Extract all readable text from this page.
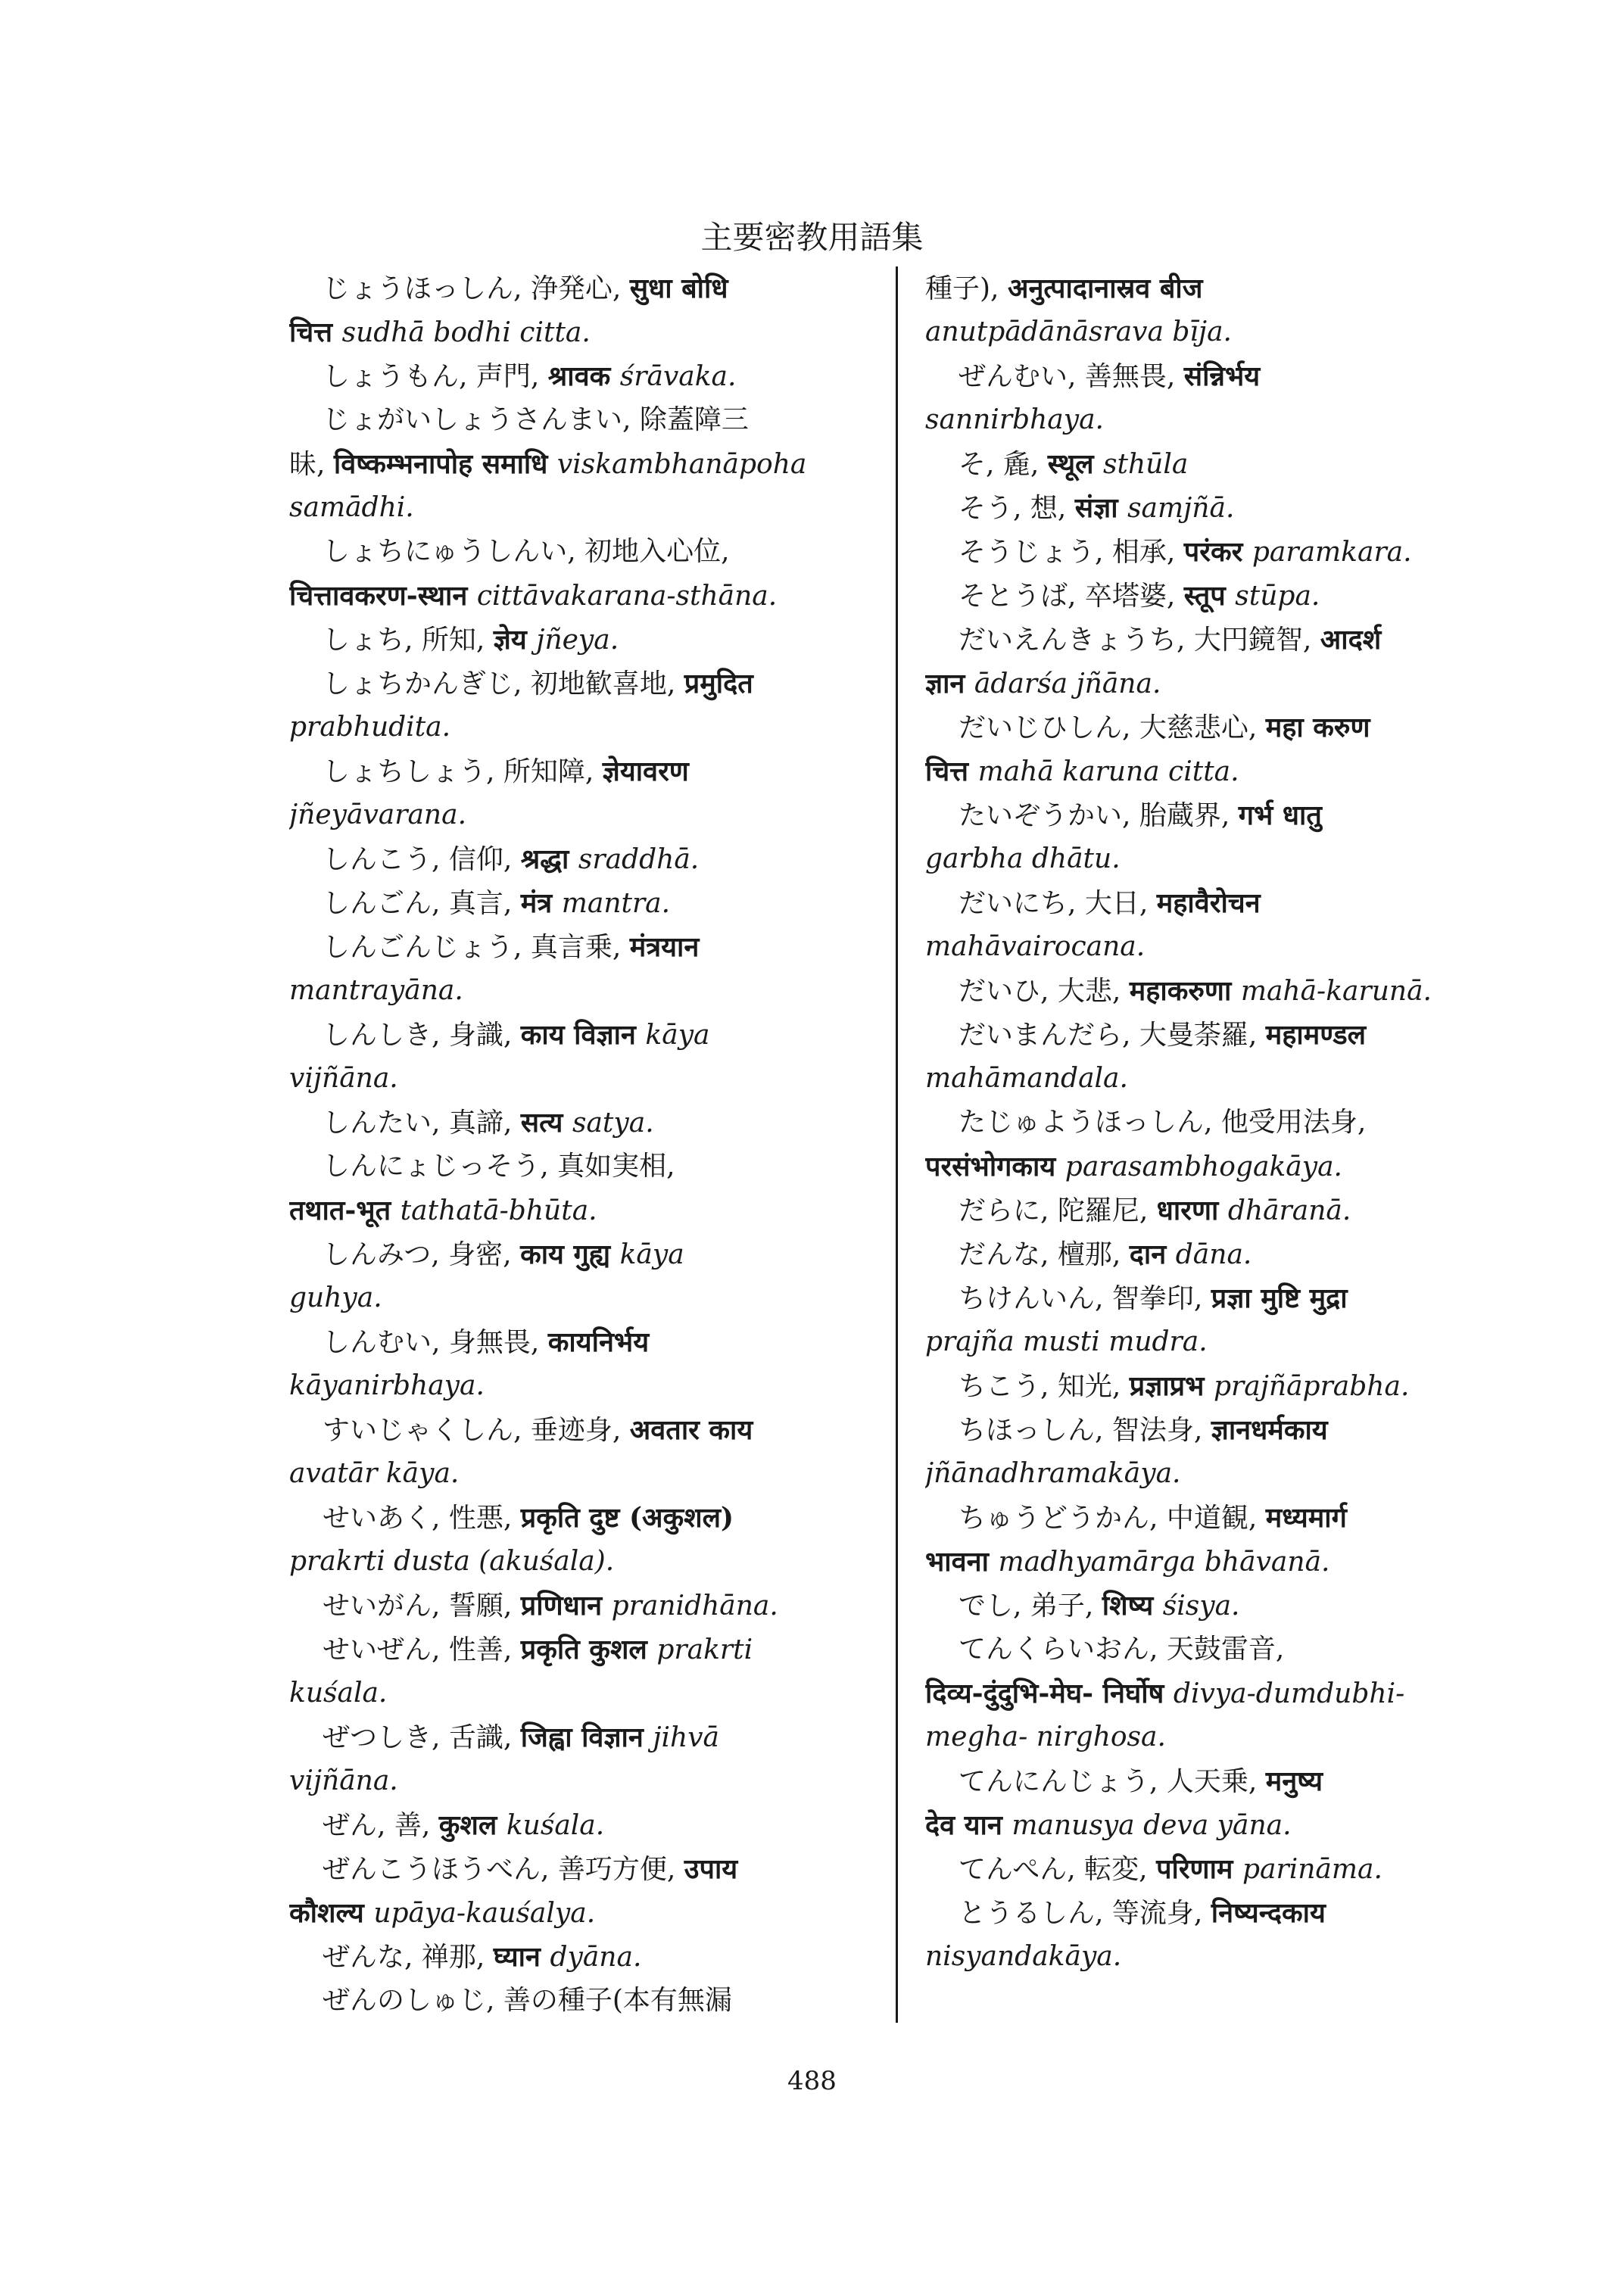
主要密教用語集
じょうほっしん, 浄発心, सुधा बोधि
चित्त sudhā bodhi citta.
しょうもん, 声門, श्रावक śrāvaka.
じょがいしょうさんまい, 除蓋障三
昧, विष्कम्भनापोह समाधि viskambhanāpoha
samādhi.
しょちにゅうしんい, 初地入心位,
चित्तावकरण-स्थान cittāvakarana-sthāna.
しょち, 所知, ज्ञेय jñeya.
しょちかんぎじ, 初地歓喜地, प्रमुदित
prabhudita.
しょちしょう, 所知障, ज्ञेयावरण
jñeyāvarana.
しんこう, 信仰, श्रद्धा sraddhā.
しんごん, 真言, मंत्र mantra.
しんごんじょう, 真言乗, मंत्रयान
mantrayāna.
しんしき, 身識, काय विज्ञान kāya
vijñāna.
しんたい, 真諦, सत्य satya.
しんにょじっそう, 真如実相,
तथात-भूत tathatā-bhūta.
しんみつ, 身密, काय गुह्य kāya
guhya.
しんむい, 身無畏, कायनिर्भय
kāyanirbhaya.
すいじゃくしん, 垂迹身, अवतार काय
avatār kāya.
せいあく, 性悪, प्रकृति दुष्ट (अकुशल)
prakrti dusta (akuśala).
せいがん, 誓願, प्रणिधान pranidhāna.
せいぜん, 性善, प्रकृति कुशल prakrti
kuśala.
ぜつしき, 舌識, जिह्वा विज्ञान jihvā
vijñāna.
ぜん, 善, कुशल kuśala.
ぜんこうほうべん, 善巧方便, उपाय
कौशल्य upāya-kauśalya.
ぜんな, 禅那, घ्यान dyāna.
ぜんのしゅじ, 善の種子(本有無漏
種子), अनुत्पादानास्रव बीज
anutpādānāsrava bīja.
ぜんむい, 善無畏, संन्निर्भय
sannirbhaya.
そ, 麁, स्थूल sthūla
そう, 想, संज्ञा samjñā.
そうじょう, 相承, परंकर paramkara.
そとうば, 卒塔婆, स्तूप stūpa.
だいえんきょうち, 大円鏡智, आदर्श
ज्ञान ādarśa jñāna.
だいじひしん, 大慈悲心, महा करुण
चित्त mahā karuna citta.
たいぞうかい, 胎蔵界, गर्भ धातु
garbha dhātu.
だいにち, 大日, महावैरोचन
mahāvairocana.
だいひ, 大悲, महाकरुणा mahā-karunā.
だいまんだら, 大曼荼羅, महामण्डल
mahāmandala.
たじゅようほっしん, 他受用法身,
परसंभोगकाय parasambhogakāya.
だらに, 陀羅尼, धारणा dhāranā.
だんな, 檀那, दान dāna.
ちけんいん, 智拳印, प्रज्ञा मुष्टि मुद्रा
prajña musti mudra.
ちこう, 知光, प्रज्ञाप्रभ prajñāprabha.
ちほっしん, 智法身, ज्ञानधर्मकाय
jñānadhramakāya.
ちゅうどうかん, 中道観, मध्यमार्ग
भावना madhyamārga bhāvanā.
でし, 弟子, शिष्य śisya.
てんくらいおん, 天鼓雷音,
दिव्य-दुंदुभि-मेघ- निर्घोष divya-dumdubhi-
megha- nirghosa.
てんにんじょう, 人天乗, मनुष्य
देव यान manusya deva yāna.
てんぺん, 転変, परिणाम parināma.
とうるしん, 等流身, निष्यन्दकाय
nisyandakāya.
488
